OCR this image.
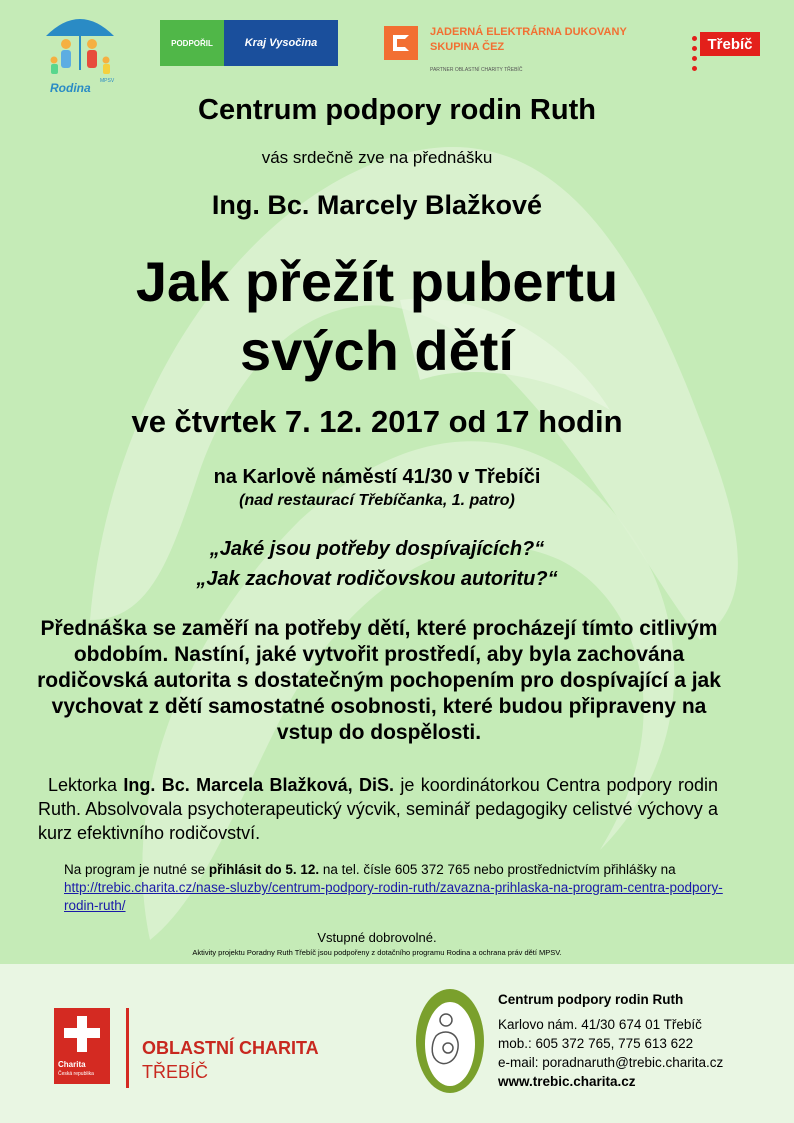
Rodina MPSV
PODPOŘIL	Kraj Vysočina
JADERNÁ ELEKTRÁRNA DUKOVANY
SKUPINA ČEZ
PARTNER OBLASTNÍ CHARITY TŘEBÍČ
Třebíč
Centrum podpory rodin Ruth
vás srdečně zve na přednášku
Ing. Bc. Marcely Blažkové
Jak přežít pubertu
svých dětí
ve čtvrtek 7. 12. 2017 od 17 hodin
na Karlově náměstí 41/30 v Třebíči
(nad restaurací Třebíčanka, 1. patro)
„Jaké jsou potřeby dospívajících?“
„Jak zachovat rodičovskou autoritu?“
Přednáška se zaměří na potřeby dětí, které procházejí tímto citlivým obdobím. Nastíní, jaké vytvořit prostředí, aby byla zachována rodičovská autorita s dostatečným pochopením pro dospívající a jak vychovat z dětí samostatné osobnosti, které budou připraveny na vstup do dospělosti.
Lektorka Ing. Bc. Marcela Blažková, DiS. je koordinátorkou Centra podpory rodin Ruth. Absolvovala psychoterapeutický výcvik, seminář pedagogiky celistvé výchovy a kurz efektivního rodičovství.
Na program je nutné se přihlásit do 5. 12. na tel. čísle 605 372 765 nebo prostřednictvím přihlášky na http://trebic.charita.cz/nase-sluzby/centrum-podpory-rodin-ruth/zavazna-prihlaska-na-program-centra-podpory-rodin-ruth/
Vstupné dobrovolné.
Aktivity projektu Poradny Ruth Třebíč jsou podpořeny z dotačního programu Rodina a ochrana práv dětí MPSV.
Charita
Česká republika
OBLASTNÍ CHARITA
TŘEBÍČ
Centrum podpory rodin Ruth
Karlovo nám. 41/30 674 01 Třebíč
mob.: 605 372 765, 775 613 622
e-mail: poradnaruth@trebic.charita.cz
www.trebic.charita.cz
